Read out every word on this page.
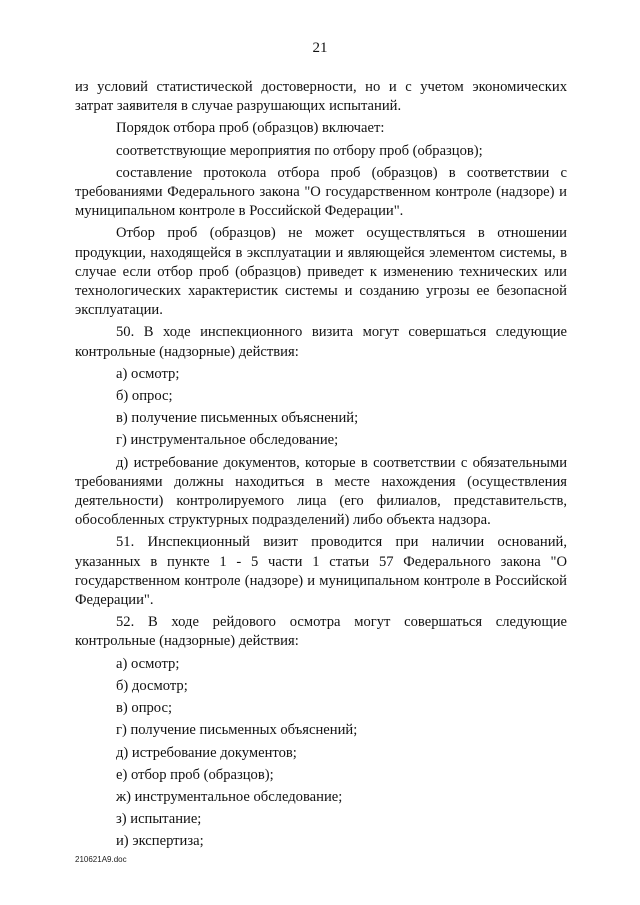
21

из условий статистической достоверности, но и с учетом экономических затрат заявителя в случае разрушающих испытаний.

Порядок отбора проб (образцов) включает:

соответствующие мероприятия по отбору проб (образцов);

составление протокола отбора проб (образцов) в соответствии с требованиями Федерального закона "О государственном контроле (надзоре) и муниципальном контроле в Российской Федерации".

Отбор проб (образцов) не может осуществляться в отношении продукции, находящейся в эксплуатации и являющейся элементом системы, в случае если отбор проб (образцов) приведет к изменению технических или технологических характеристик системы и созданию угрозы ее безопасной эксплуатации.

50. В ходе инспекционного визита могут совершаться следующие контрольные (надзорные) действия:

а) осмотр;

б) опрос;

в) получение письменных объяснений;

г) инструментальное обследование;

д) истребование документов, которые в соответствии с обязательными требованиями должны находиться в месте нахождения (осуществления деятельности) контролируемого лица (его филиалов, представительств, обособленных структурных подразделений) либо объекта надзора.

51. Инспекционный визит проводится при наличии оснований, указанных в пункте 1 - 5 части 1 статьи 57 Федерального закона "О государственном контроле (надзоре) и муниципальном контроле в Российской Федерации".

52. В ходе рейдового осмотра могут совершаться следующие контрольные (надзорные) действия:

а) осмотр;

б) досмотр;

в) опрос;

г) получение письменных объяснений;

д) истребование документов;

е) отбор проб (образцов);

ж) инструментальное обследование;

з) испытание;

и) экспертиза;

210621A9.doc
